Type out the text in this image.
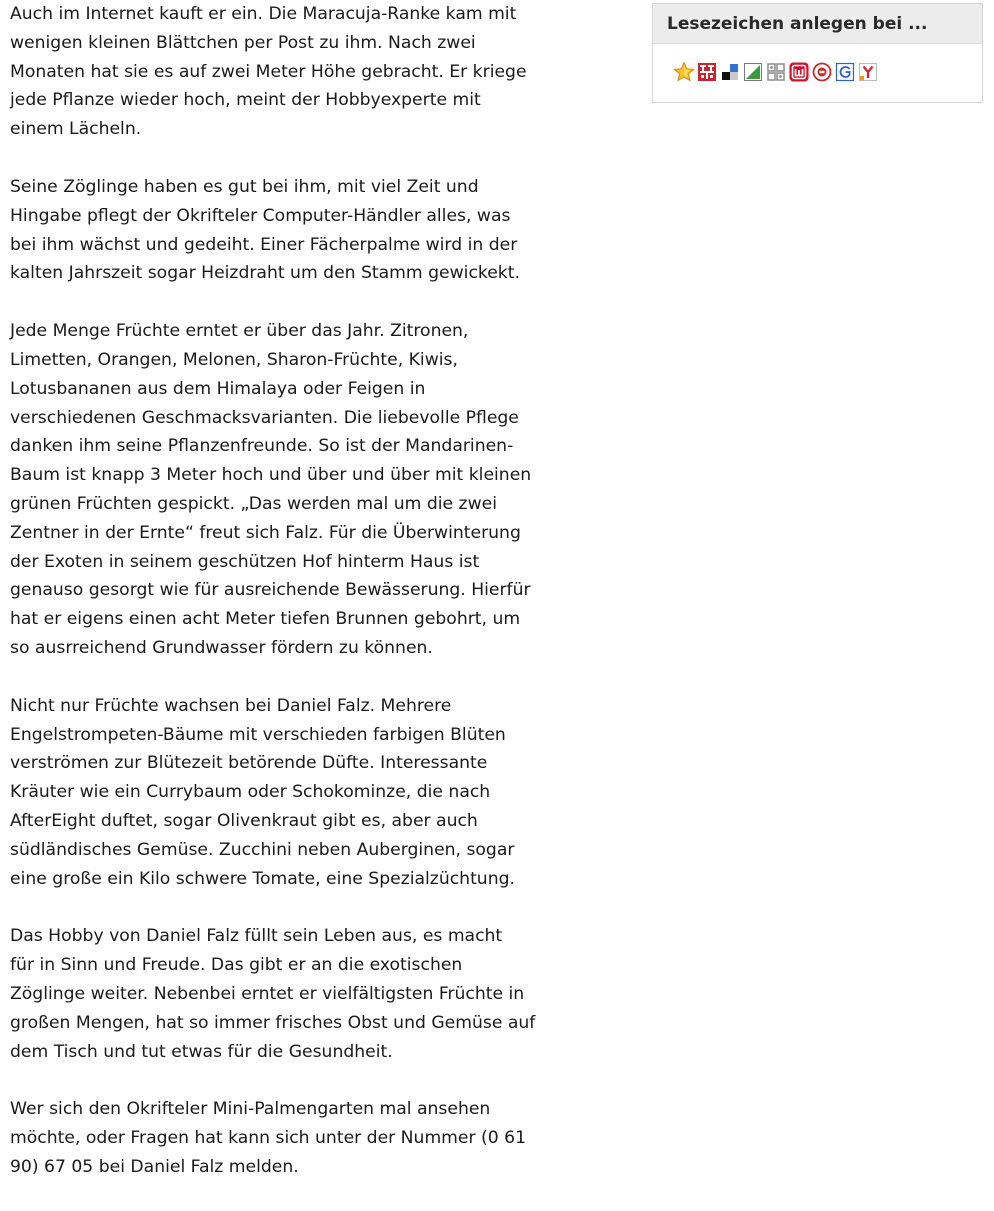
Auch im Internet kauft er ein. Die Maracuja-Ranke kam mit
wenigen kleinen Blättchen per Post zu ihm. Nach zwei
Monaten hat sie es auf zwei Meter Höhe gebracht. Er kriege
jede Pflanze wieder hoch, meint der Hobbyexperte mit
einem Lächeln.

Seine Zöglinge haben es gut bei ihm, mit viel Zeit und
Hingabe pflegt der Okrifteler Computer-Händler alles, was
bei ihm wächst und gedeiht. Einer Fächerpalme wird in der
kalten Jahrszeit sogar Heizdraht um den Stamm gewickekt.

Jede Menge Früchte erntet er über das Jahr. Zitronen,
Limetten, Orangen, Melonen, Sharon-Früchte, Kiwis,
Lotusbananen aus dem Himalaya oder Feigen in
verschiedenen Geschmacksvarianten. Die liebevolle Pflege
danken ihm seine Pflanzenfreunde. So ist der Mandarinen-
Baum ist knapp 3 Meter hoch und über und über mit kleinen
grünen Früchten gespickt. „Das werden mal um die zwei
Zentner in der Ernte“ freut sich Falz. Für die Überwinterung
der Exoten in seinem geschützen Hof hinterm Haus ist
genauso gesorgt wie für ausreichende Bewässerung. Hierfür
hat er eigens einen acht Meter tiefen Brunnen gebohrt, um
so ausrreichend Grundwasser fördern zu können.

Nicht nur Früchte wachsen bei Daniel Falz. Mehrere
Engelstrompeten-Bäume mit verschieden farbigen Blüten
verströmen zur Blütezeit betörende Düfte. Interessante
Kräuter wie ein Currybaum oder Schokominze, die nach
AfterEight duftet, sogar Olivenkraut gibt es, aber auch
südländisches Gemüse. Zucchini neben Auberginen, sogar
eine große ein Kilo schwere Tomate, eine Spezialzüchtung.

Das Hobby von Daniel Falz füllt sein Leben aus, es macht
für in Sinn und Freude. Das gibt er an die exotischen
Zöglinge weiter. Nebenbei erntet er vielfältigsten Früchte in
großen Mengen, hat so immer frisches Obst und Gemüse auf
dem Tisch und tut etwas für die Gesundheit.

Wer sich den Okrifteler Mini-Palmengarten mal ansehen
möchte, oder Fragen hat kann sich unter der Nummer (0 61
90) 67 05 bei Daniel Falz melden.

Lesezeichen anlegen bei ...
